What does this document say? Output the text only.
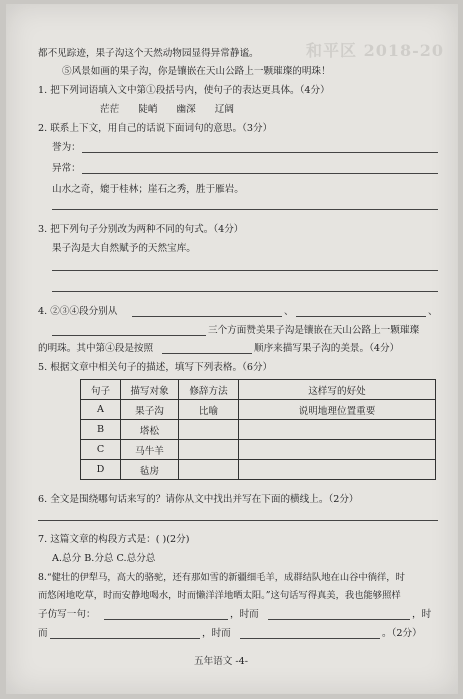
和平区 2018-20
都不见踪迹，果子沟这个天然动物园显得异常静谧。
⑤风景如画的果子沟，你是镶嵌在天山公路上一颗璀璨的明珠！
1. 把下列词语填入文中第①段括号内，使句子的表达更具体。（4分）
茫茫 陡峭 幽深 辽阔
2. 联系上下文，用自己的话说下面词句的意思。（3分）
誉为：
异常：
山水之奇，媲于桂林；崖石之秀，胜于雁岩。
3. 把下列句子分别改为两种不同的句式。（4分）
果子沟是大自然赋予的天然宝库。
4. ②③④段分别从	、	、
三个方面赞美果子沟是镶嵌在天山公路上一颗璀璨
的明珠。其中第④段是按照	顺序来描写果子沟的美景。（4分）
5. 根据文章中相关句子的描述，填写下列表格。（6分）
句子	描写对象	修辞方法	这样写的好处
A	果子沟	比喻	说明地理位置重要
B	塔松		
C	马牛羊		
D	毡房		
6. 全文是围绕哪句话来写的？请你从文中找出并写在下面的横线上。（2分）
7. 这篇文章的构段方式是：( )(2分)
A.总分 B.分总 C.总分总
8.“健壮的伊犁马，高大的骆驼，还有那如雪的新疆细毛羊，成群结队地在山谷中徜徉，时
而悠闲地吃草，时而安静地喝水，时而懒洋洋地晒太阳。”这句话写得真美，我也能够照样
子仿写一句：	，时而	，时
而	，时而	。（2分）
五年语文 -4-
